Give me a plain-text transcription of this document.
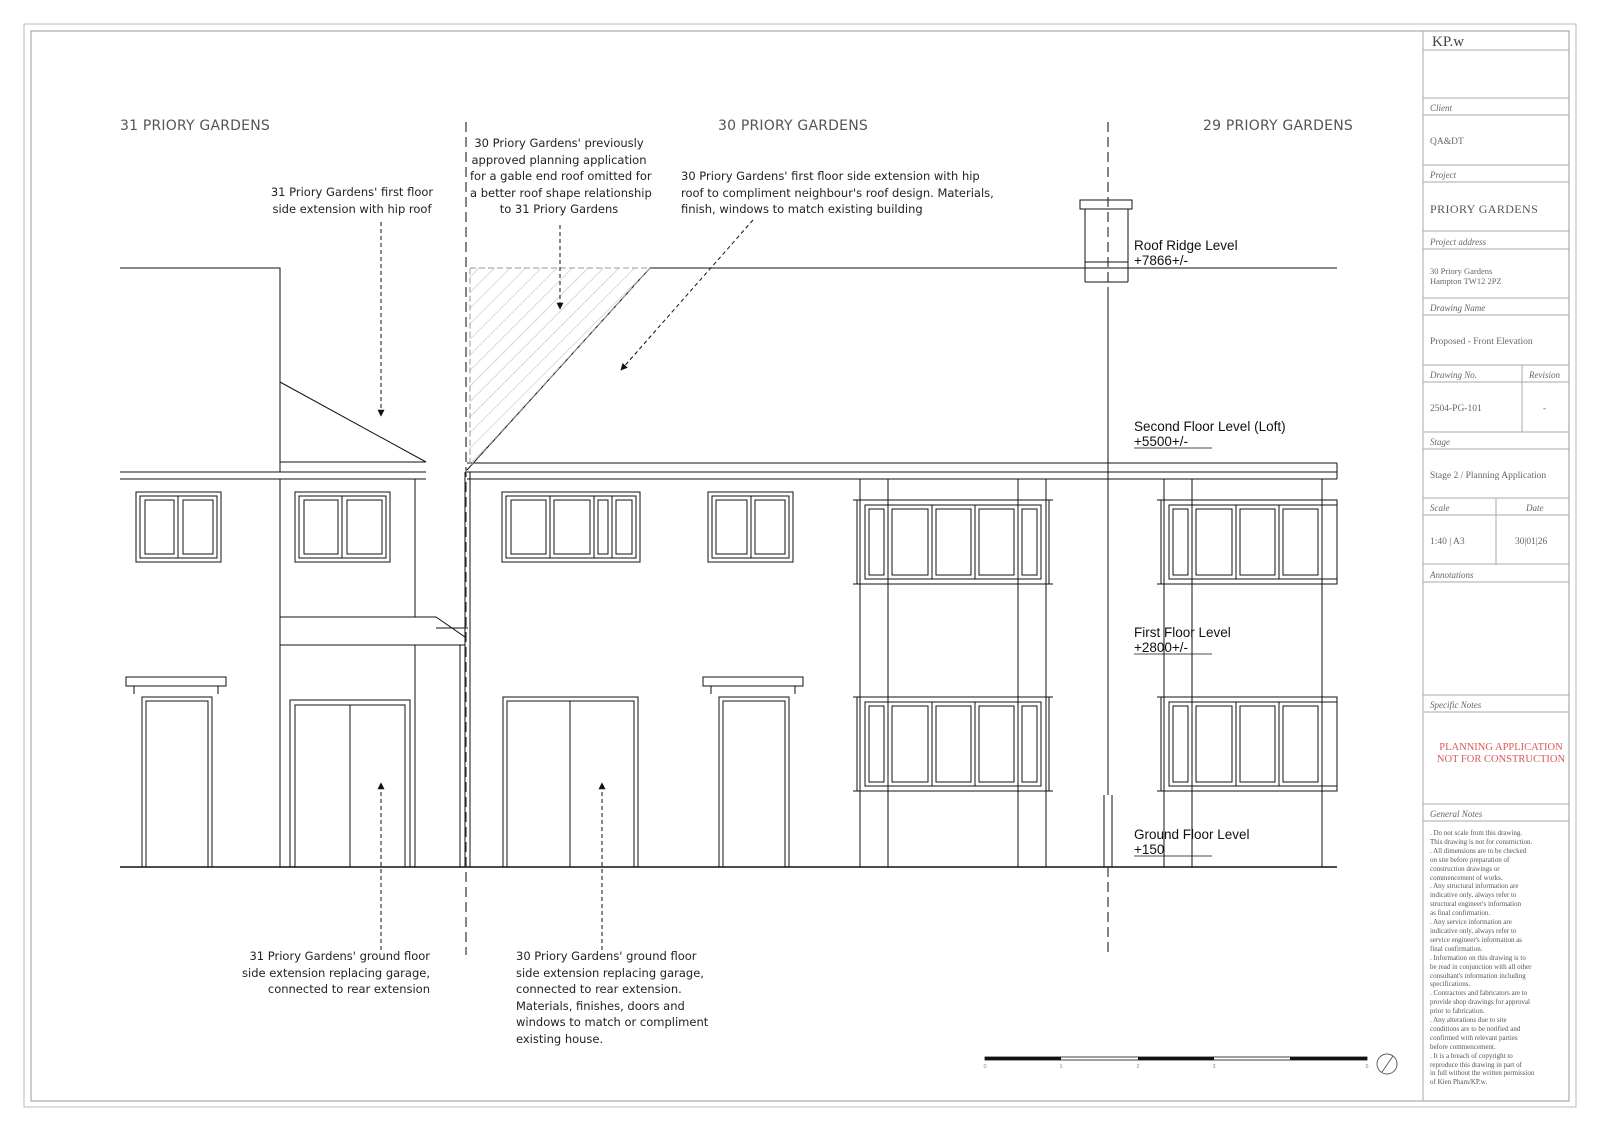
0	1	2	3	5
31 PRIORY GARDENS	30 PRIORY GARDENS	29 PRIORY GARDENS
31 Priory Gardens' first floor
side extension with hip roof
30 Priory Gardens' previously
approved planning application
for a gable end roof omitted for
a better roof shape relationship
to 31 Priory Gardens
30 Priory Gardens' first floor side extension with hip
roof to compliment neighbour's roof design. Materials,
finish, windows to match existing building
31 Priory Gardens' ground floor
side extension replacing garage,
connected to rear extension
30 Priory Gardens' ground floor
side extension replacing garage,
connected to rear extension.
Materials, finishes, doors and
windows to match or compliment
existing house.
Roof Ridge Level
+7866+/-
Second Floor Level (Loft)
+5500+/-
First Floor Level
+2800+/-
Ground Floor Level
+150
KP.w
Client
QA&DT
Project
PRIORY GARDENS
Project address
30 Priory Gardens
Hampton TW12 2PZ
Drawing Name
Proposed - Front Elevation
Drawing No.
2504-PG-101
Revision
-
Stage
Stage 2 / Planning Application
Scale
1:40 | A3
Date
30|01|26
Annotations
Specific Notes
PLANNING APPLICATION
NOT FOR CONSTRUCTION
General Notes
. Do not scale from this drawing.
This drawing is not for construction.
. All dimensions are to be checked
on site before preparation of
construction drawings or
commencement of works.
. Any structural information are
indicative only, always refer to
structural engineer's information
as final confirmation.
. Any service information are
indicative only, always refer to
service engineer's information as
final confirmation.
. Information on this drawing is to
be read in conjunction with all other
consultant's information including
specifications.
. Contractors and fabricators are to
provide shop drawings for approval
prior to fabrication.
. Any alterations due to site
conditions are to be notified and
confirmed with relevant parties
before commencement.
. It is a breach of copyright to
reproduce this drawing in part of
in full without the written permission
of Kien Pham/KP.w.
